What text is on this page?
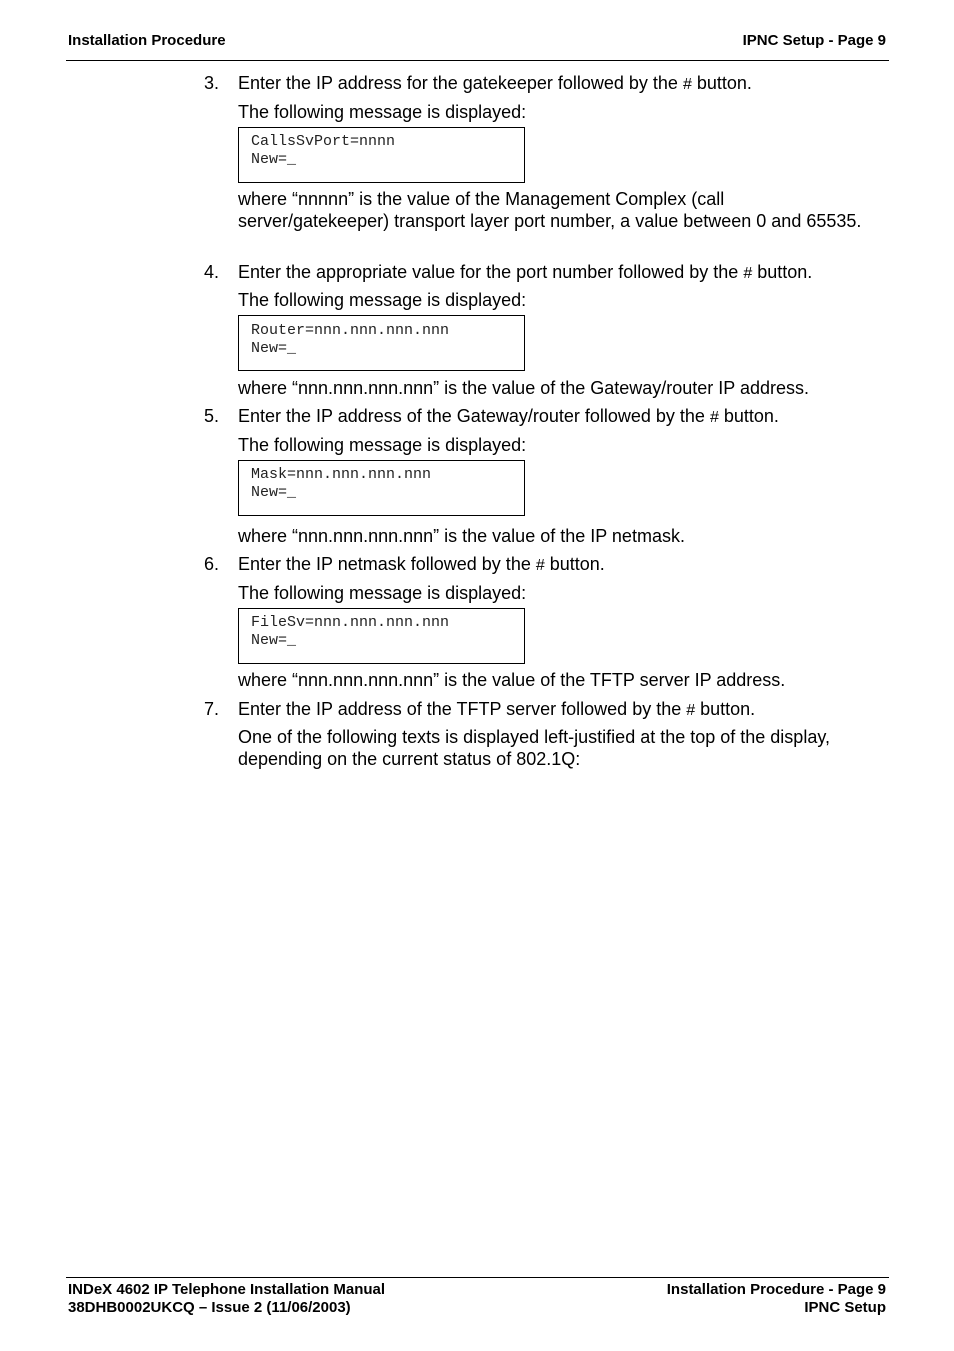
Installation Procedure	IPNC Setup - Page 9
3. Enter the IP address for the gatekeeper followed by the # button.
The following message is displayed:
CallsSvPort=nnnn
New=_
where “nnnnn” is the value of the Management Complex (call server/gatekeeper) transport layer port number, a value between 0 and 65535.
4. Enter the appropriate value for the port number followed by the # button.
The following message is displayed:
Router=nnn.nnn.nnn.nnn
New=_
where “nnn.nnn.nnn.nnn” is the value of the Gateway/router IP address.
5. Enter the IP address of the Gateway/router followed by the # button.
The following message is displayed:
Mask=nnn.nnn.nnn.nnn
New=_
where “nnn.nnn.nnn.nnn” is the value of the IP netmask.
6. Enter the IP netmask followed by the # button.
The following message is displayed:
FileSv=nnn.nnn.nnn.nnn
New=_
where “nnn.nnn.nnn.nnn” is the value of the TFTP server IP address.
7. Enter the IP address of the TFTP server followed by the # button.
One of the following texts is displayed left-justified at the top of the display, depending on the current status of 802.1Q:
INDeX 4602 IP Telephone Installation Manual	Installation Procedure - Page 9
38DHB0002UKCQ – Issue 2 (11/06/2003)	IPNC Setup
